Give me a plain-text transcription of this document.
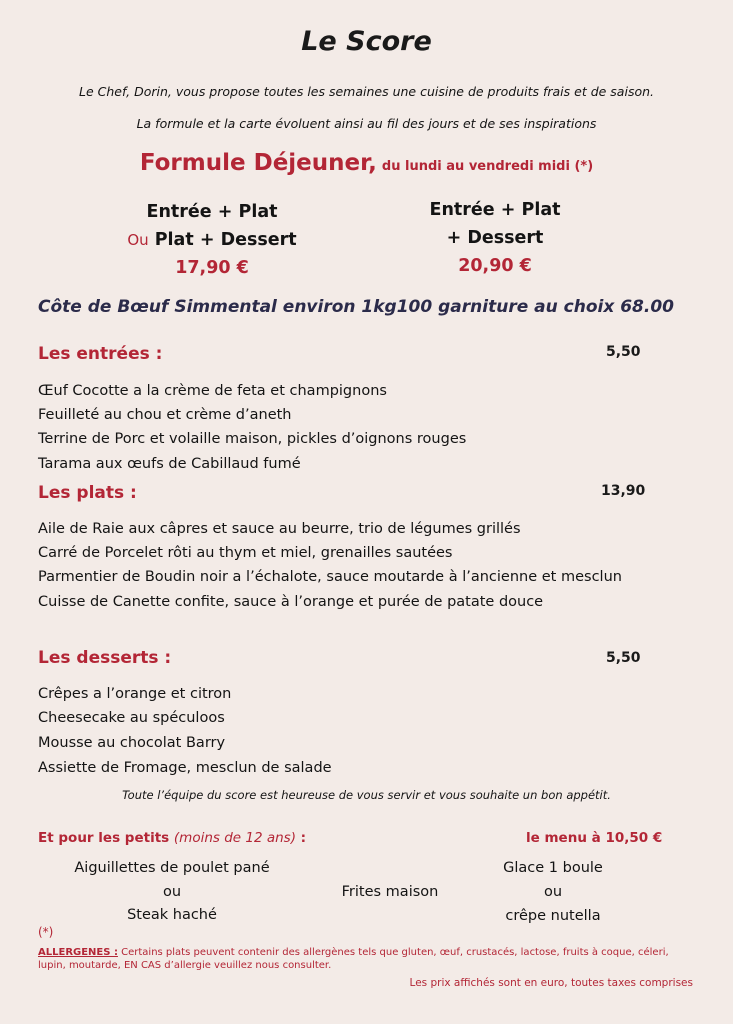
Le Score
Le Chef, Dorin, vous propose toutes les semaines une cuisine de produits frais et de saison.
La formule et la carte évoluent ainsi au fil des jours et de ses inspirations
Formule Déjeuner, du lundi au vendredi midi (*)
Entrée + Plat
Ou Plat + Dessert
17,90 €
Entrée + Plat
+ Dessert
20,90 €
Côte de Bœuf Simmental environ 1kg100 garniture au choix 68.00
Les entrées :	5,50
Œuf Cocotte a la crème de feta et champignons
Feuilleté au chou et crème d’aneth
Terrine de Porc et volaille maison, pickles d’oignons rouges
Tarama aux œufs de Cabillaud fumé
Les plats :	13,90
Aile de Raie aux câpres et sauce au beurre, trio de légumes grillés
Carré de Porcelet rôti au thym et miel, grenailles sautées
Parmentier de Boudin noir a l’échalote, sauce moutarde à l’ancienne et mesclun
Cuisse de Canette confite, sauce à l’orange et purée de patate douce
Les desserts :	5,50
Crêpes a l’orange et citron
Cheesecake au spéculoos
Mousse au chocolat Barry
Assiette de Fromage, mesclun de salade
Toute l’équipe du score est heureuse de vous servir et vous souhaite un bon appétit.
Et pour les petits (moins de 12 ans) :	le menu à 10,50 €
Aiguillettes de poulet pané
ou
Steak haché
Frites maison
Glace 1 boule
ou
crêpe nutella
(*)
ALLERGENES : Certains plats peuvent contenir des allergènes tels que gluten, œuf, crustacés, lactose, fruits à coque, céleri, lupin, moutarde, EN CAS d’allergie veuillez nous consulter.
Les prix affichés sont en euro, toutes taxes comprises
